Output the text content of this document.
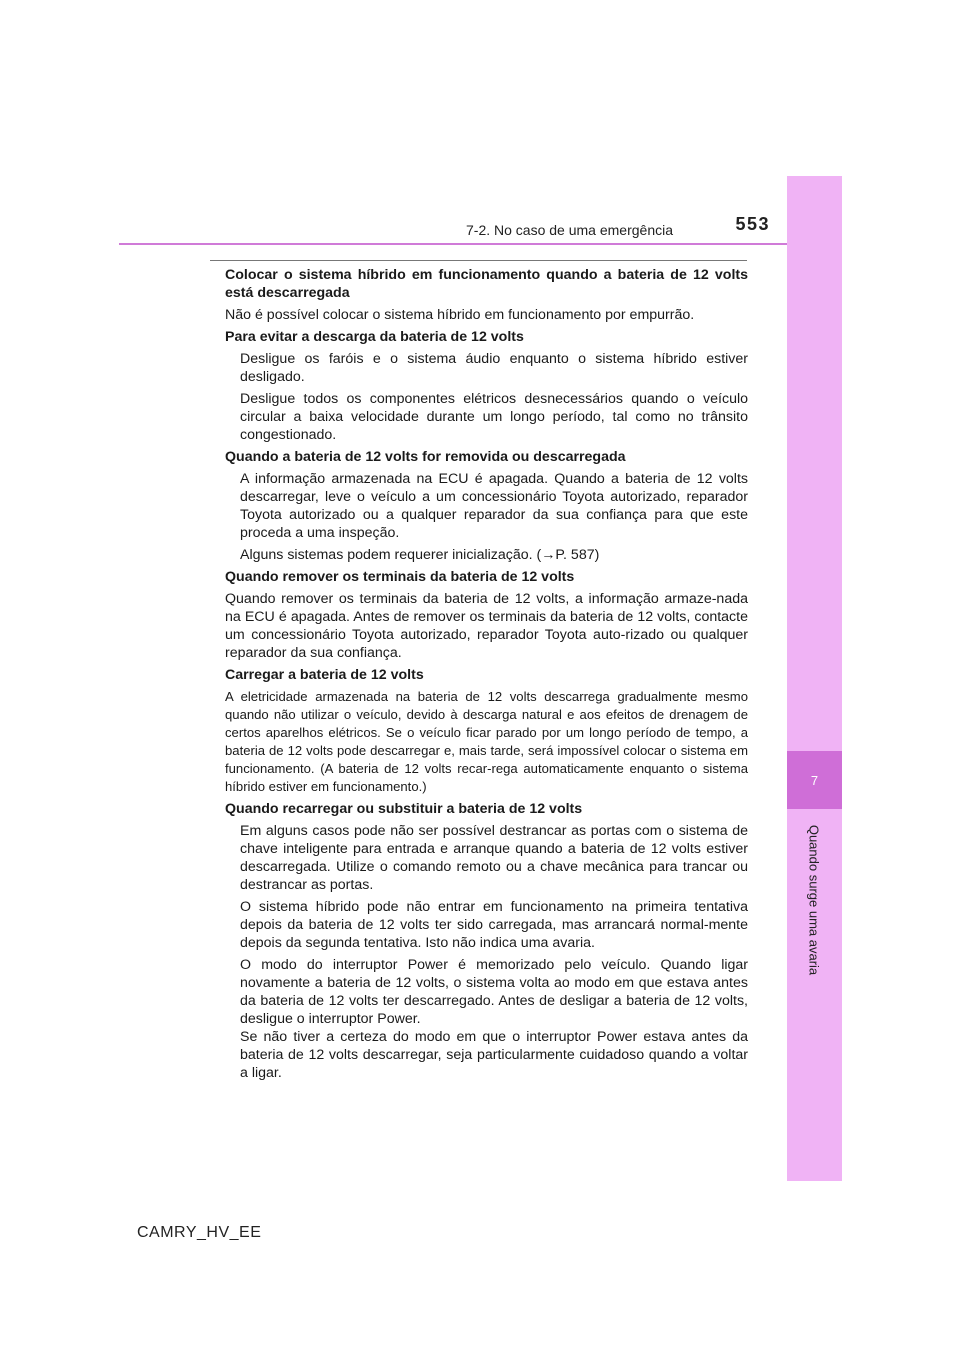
7
Quando surge uma avaria
7-2. No caso de uma emergência	553
Colocar o sistema híbrido em funcionamento quando a bateria de 12 volts está descarregada
Não é possível colocar o sistema híbrido em funcionamento por empurrão.
Para evitar a descarga da bateria de 12 volts
Desligue os faróis e o sistema áudio enquanto o sistema híbrido estiver desligado.
Desligue todos os componentes elétricos desnecessários quando o veículo circular a baixa velocidade durante um longo período, tal como no trânsito congestionado.
Quando a bateria de 12 volts for removida ou descarregada
A informação armazenada na ECU é apagada. Quando a bateria de 12 volts descarregar, leve o veículo a um concessionário Toyota autorizado, reparador Toyota autorizado ou a qualquer reparador da sua confiança para que este proceda a uma inspeção.
Alguns sistemas podem requerer inicialização. (→P. 587)
Quando remover os terminais da bateria de 12 volts
Quando remover os terminais da bateria de 12 volts, a informação armaze-nada na ECU é apagada. Antes de remover os terminais da bateria de 12 volts, contacte um concessionário Toyota autorizado, reparador Toyota auto-rizado ou qualquer reparador da sua confiança.
Carregar a bateria de 12 volts
A eletricidade armazenada na bateria de 12 volts descarrega gradualmente mesmo quando não utilizar o veículo, devido à descarga natural e aos efeitos de drenagem de certos aparelhos elétricos. Se o veículo ficar parado por um longo período de tempo, a bateria de 12 volts pode descarregar e, mais tarde, será impossível colocar o sistema em funcionamento. (A bateria de 12 volts recar-rega automaticamente enquanto o sistema híbrido estiver em funcionamento.)
Quando recarregar ou substituir a bateria de 12 volts
Em alguns casos pode não ser possível destrancar as portas com o sistema de chave inteligente para entrada e arranque quando a bateria de 12 volts estiver descarregada. Utilize o comando remoto ou a chave mecânica para trancar ou destrancar as portas.
O sistema híbrido pode não entrar em funcionamento na primeira tentativa depois da bateria de 12 volts ter sido carregada, mas arrancará normal-mente depois da segunda tentativa. Isto não indica uma avaria.
O modo do interruptor Power é memorizado pelo veículo. Quando ligar novamente a bateria de 12 volts, o sistema volta ao modo em que estava antes da bateria de 12 volts ter descarregado. Antes de desligar a bateria de 12 volts, desligue o interruptor Power.
Se não tiver a certeza do modo em que o interruptor Power estava antes da bateria de 12 volts descarregar, seja particularmente cuidadoso quando a voltar a ligar.
CAMRY_HV_EE
